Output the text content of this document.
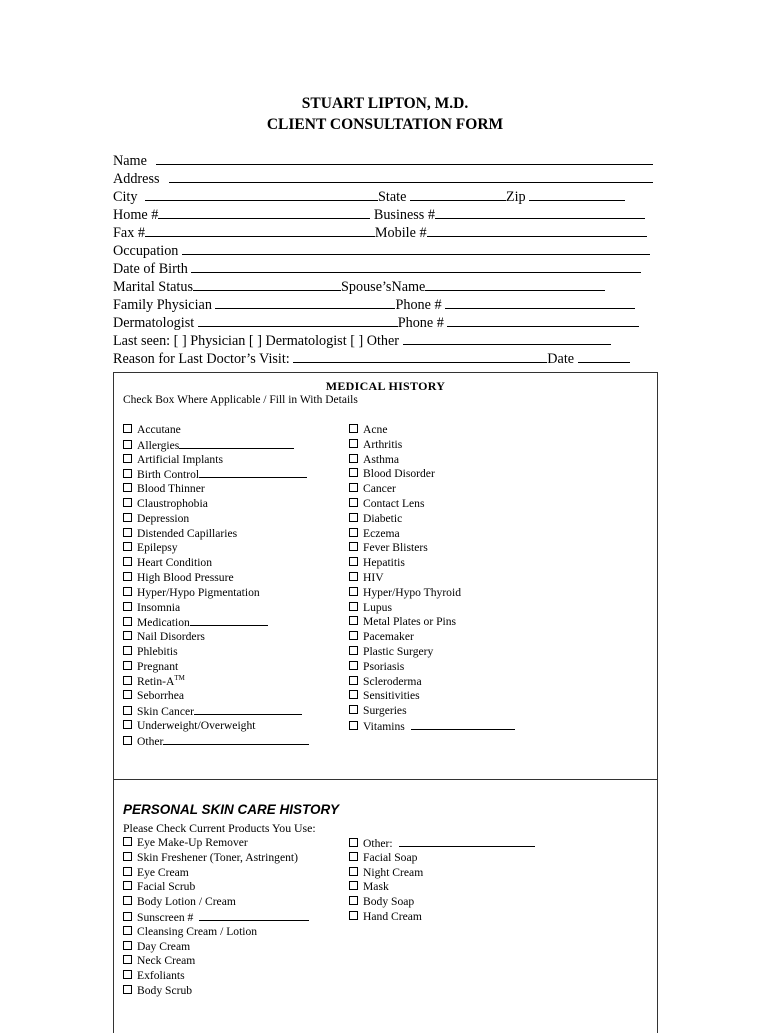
STUART LIPTON, M.D.
CLIENT CONSULTATION FORM
Name
Address
City	State	Zip
Home #	Business #
Fax #	Mobile #
Occupation
Date of Birth
Marital Status	Spouse’sName
Family Physician	Phone #
Dermatologist	Phone #
Last seen: [ ] Physician [ ] Dermatologist [ ] Other
Reason for Last Doctor’s Visit:	Date
MEDICAL HISTORY
Check Box Where Applicable / Fill in With Details
Accutane
Allergies
Artificial Implants
Birth Control
Blood Thinner
Claustrophobia
Depression
Distended Capillaries
Epilepsy
Heart Condition
High Blood Pressure
Hyper/Hypo Pigmentation
Insomnia
Medication
Nail Disorders
Phlebitis
Pregnant
Retin-A™
Seborrhea
Skin Cancer
Underweight/Overweight
Other
Acne
Arthritis
Asthma
Blood Disorder
Cancer
Contact Lens
Diabetic
Eczema
Fever Blisters
Hepatitis
HIV
Hyper/Hypo Thyroid
Lupus
Metal Plates or Pins
Pacemaker
Plastic Surgery
Psoriasis
Scleroderma
Sensitivities
Surgeries
Vitamins
PERSONAL SKIN CARE HISTORY
Please Check Current Products You Use:
Eye Make-Up Remover
Skin Freshener (Toner, Astringent)
Eye Cream
Facial Scrub
Body Lotion / Cream
Sunscreen #
Cleansing Cream / Lotion
Day Cream
Neck Cream
Exfoliants
Body Scrub
Other:
Facial Soap
Night Cream
Mask
Body Soap
Hand Cream
